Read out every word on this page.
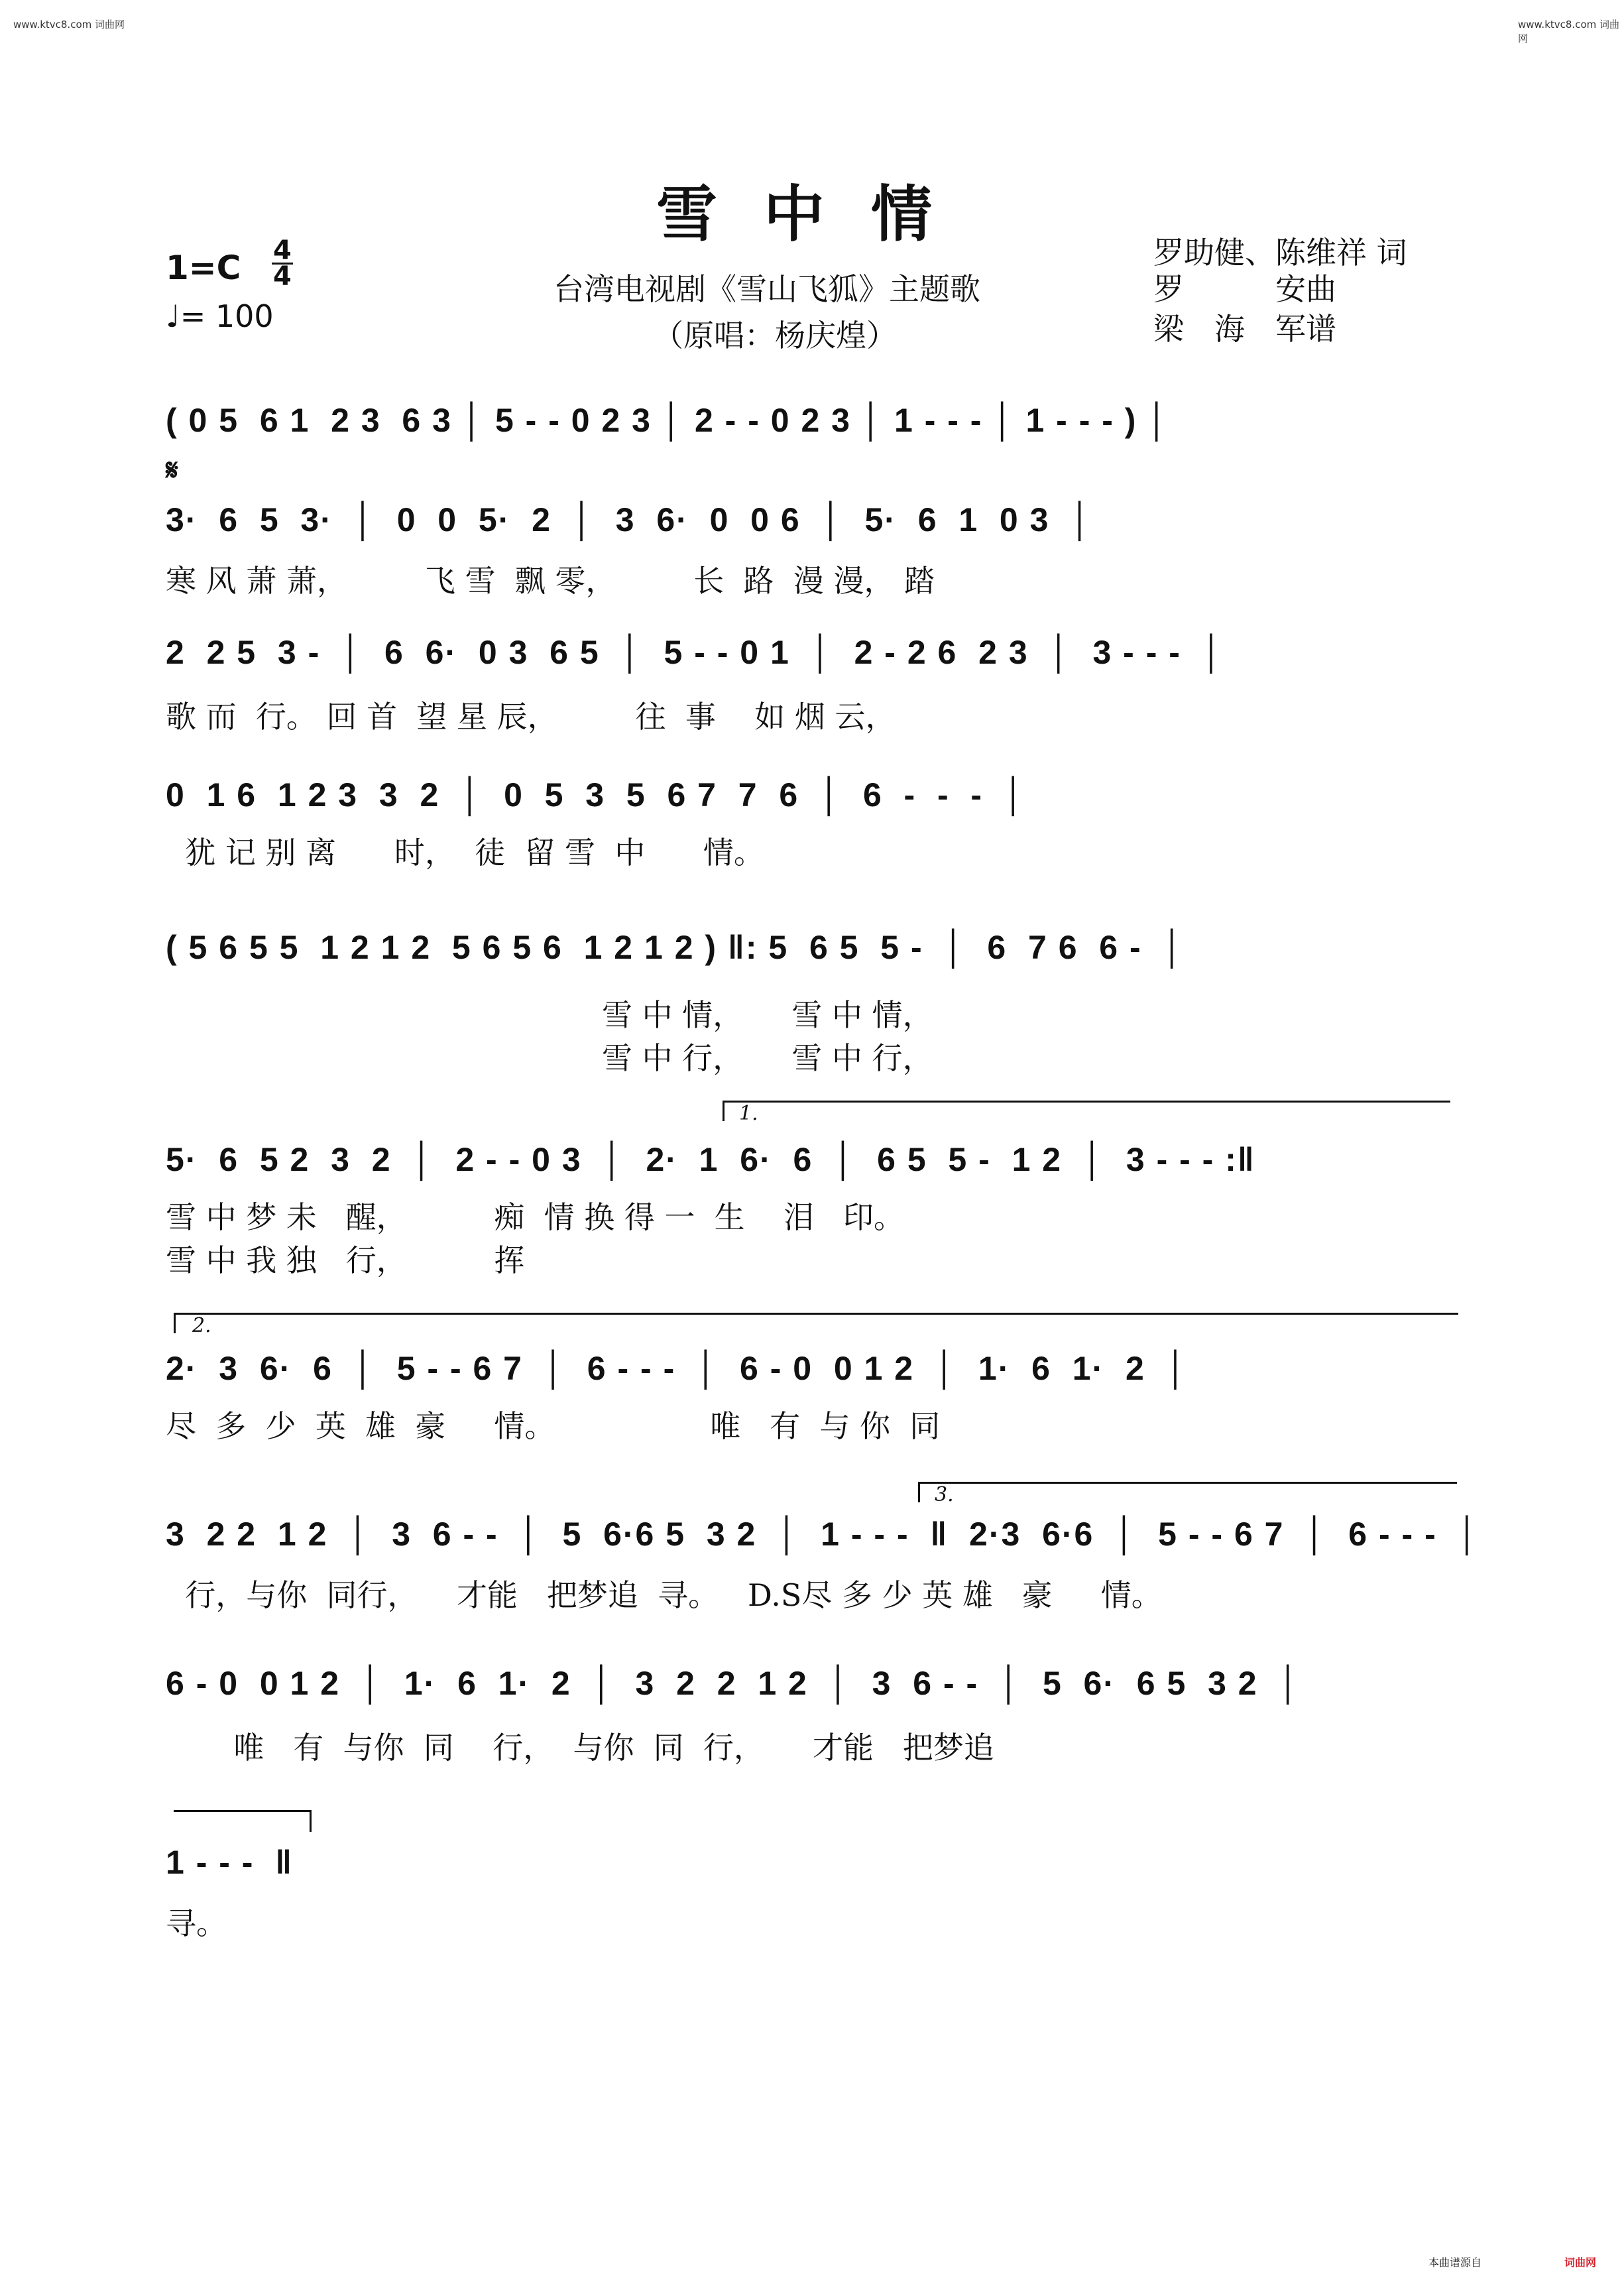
www.ktvc8.com 词曲网	www.ktvc8.com 词曲网
雪中情
台湾电视剧《雪山飞狐》主题歌
（原唱：杨庆煌）
罗助健、陈维祥 词
罗　　　安曲
梁　海　军谱
1=C 4
4
♩= 100
( 0 5  6 1  2 3  6 3 │ 5 - - 0 2 3 │ 2 - - 0 2 3 │ 1 - - - │ 1 - - - ) │
𝄋
3·  6  5  3·  │  0  0  5·  2  │  3  6·  0  0 6  │  5·  6  1  0 3  │
寒 风 萧 萧，        飞 雪  飘 零，        长  路  漫 漫， 踏
2  2 5  3 -  │  6  6·  0 3  6 5  │  5 - - 0 1  │  2 - 2 6  2 3  │  3 - - -  │
歌 而  行。 回 首  望 星 辰，        往  事    如 烟 云，
0  1 6  1 2 3  3  2  │  0  5  3  5  6 7  7  6  │  6  -  -  -  │
犹 记 别 离      时，  徒  留 雪  中      情。
( 5 6 5 5  1 2 1 2  5 6 5 6  1 2 1 2 ) ‖: 5  6 5  5 -  │  6  7 6  6 -  │
雪 中 情，     雪 中 情，
雪 中 行，     雪 中 行，
1.
5·  6  5 2  3  2  │  2 - - 0 3  │  2·  1  6·  6  │  6 5  5 -  1 2  │  3 - - - :‖
雪 中 梦 未   醒，         痴  情 换 得 一  生    泪   印。
雪 中 我 独   行，         挥
2.
2·  3  6·  6  │  5 - - 6 7  │  6 - - -  │  6 - 0  0 1 2  │  1·  6  1·  2  │
尽  多  少  英  雄  豪     情。                唯   有  与 你  同
3.
3  2 2  1 2  │  3  6 - -  │  5  6·6 5  3 2  │  1 - - -  ‖  2·3  6·6  │  5 - - 6 7  │  6 - - -  │
行，与你  同行，    才能   把梦追  寻。   D.S尽 多 少 英 雄   豪     情。
6 - 0  0 1 2  │  1·  6  1·  2  │  3  2  2  1 2  │  3  6 - -  │  5  6·  6 5  3 2  │
唯   有  与你  同    行，  与你  同  行，     才能   把梦追
1 - - -  ‖
寻。
本曲谱源自	词曲网
